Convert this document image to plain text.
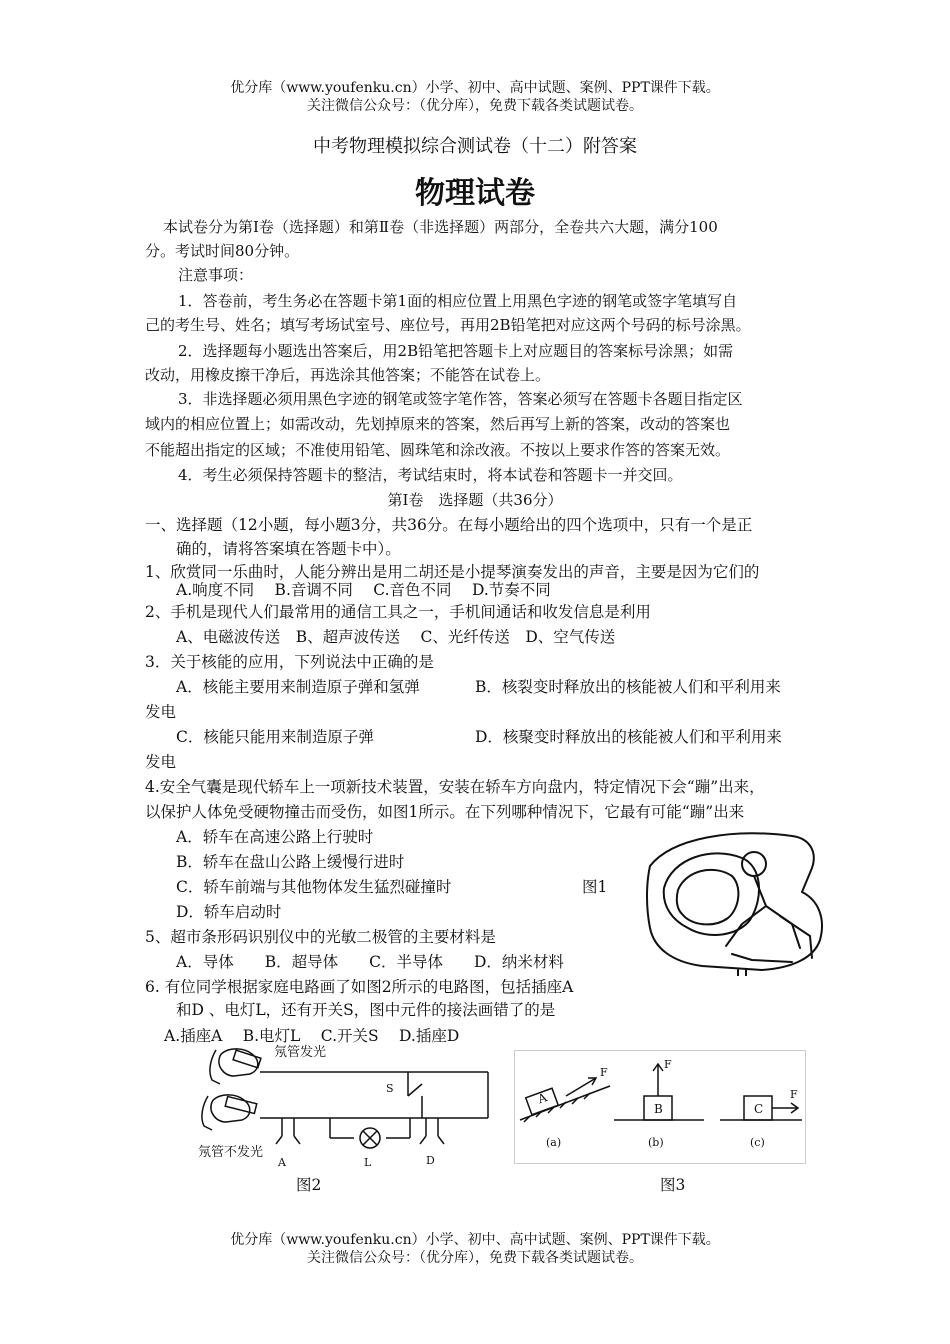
优分库（www.youfenku.cn）小学、初中、高中试题、案例、PPT课件下载。
关注微信公众号：（优分库），免费下载各类试题试卷。
中考物理模拟综合测试卷（十二）附答案
物理试卷
本试卷分为第Ⅰ卷（选择题）和第Ⅱ卷（非选择题）两部分，全卷共六大题，满分100
分。考试时间80分钟。
注意事项：
1．答卷前，考生务必在答题卡第1面的相应位置上用黑色字迹的钢笔或签字笔填写自
己的考生号、姓名；填写考场试室号、座位号，再用2B铅笔把对应这两个号码的标号涂黑。
2．选择题每小题选出答案后，用2B铅笔把答题卡上对应题目的答案标号涂黑；如需
改动，用橡皮擦干净后，再选涂其他答案；不能答在试卷上。
3．非选择题必须用黑色字迹的钢笔或签字笔作答，答案必须写在答题卡各题目指定区
域内的相应位置上；如需改动，先划掉原来的答案，然后再写上新的答案，改动的答案也
不能超出指定的区域；不准使用铅笔、圆珠笔和涂改液。不按以上要求作答的答案无效。
4．考生必须保持答题卡的整洁，考试结束时，将本试卷和答题卡一并交回。
第Ⅰ卷　选择题（共36分）
一、选择题（12小题，每小题3分，共36分。在每小题给出的四个选项中，只有一个是正
确的，请将答案填在答题卡中）。
1、欣赏同一乐曲时，人能分辨出是用二胡还是小提琴演奏发出的声音，主要是因为它们的
A.响度不同　 B.音调不同　 C.音色不同　 D.节奏不同
2、手机是现代人们最常用的通信工具之一，手机间通话和收发信息是利用
A、电磁波传送　B、超声波传送　 C、光纤传送　D、空气传送
3．关于核能的应用，下列说法中正确的是
A．核能主要用来制造原子弹和氢弹	B．核裂变时释放出的核能被人们和平利用来
发电
C．核能只能用来制造原子弹	D．核聚变时释放出的核能被人们和平利用来
发电
4.安全气囊是现代轿车上一项新技术装置，安装在轿车方向盘内，特定情况下会“蹦”出来，
以保护人体免受硬物撞击而受伤，如图1所示。在下列哪种情况下，它最有可能“蹦”出来
A．轿车在高速公路上行驶时
B．轿车在盘山公路上缓慢行进时
C．轿车前端与其他物体发生猛烈碰撞时	图1
D．轿车启动时
5、超市条形码识别仪中的光敏二极管的主要材料是
A．导体　　B．超导体　　C．半导体　　D．纳米材料
6. 有位同学根据家庭电路画了如图2所示的电路图，包括插座A
和D 、电灯L，还有开关S，图中元件的接法画错了的是
A.插座A　 B.电灯L　 C.开关S　 D.插座D
氖管发光
氖管不发光
S
A	L	D
图2
A
B	C
F
F
F
(a)	(b)	(c)
图3
优分库（www.youfenku.cn）小学、初中、高中试题、案例、PPT课件下载。
关注微信公众号：（优分库），免费下载各类试题试卷。
